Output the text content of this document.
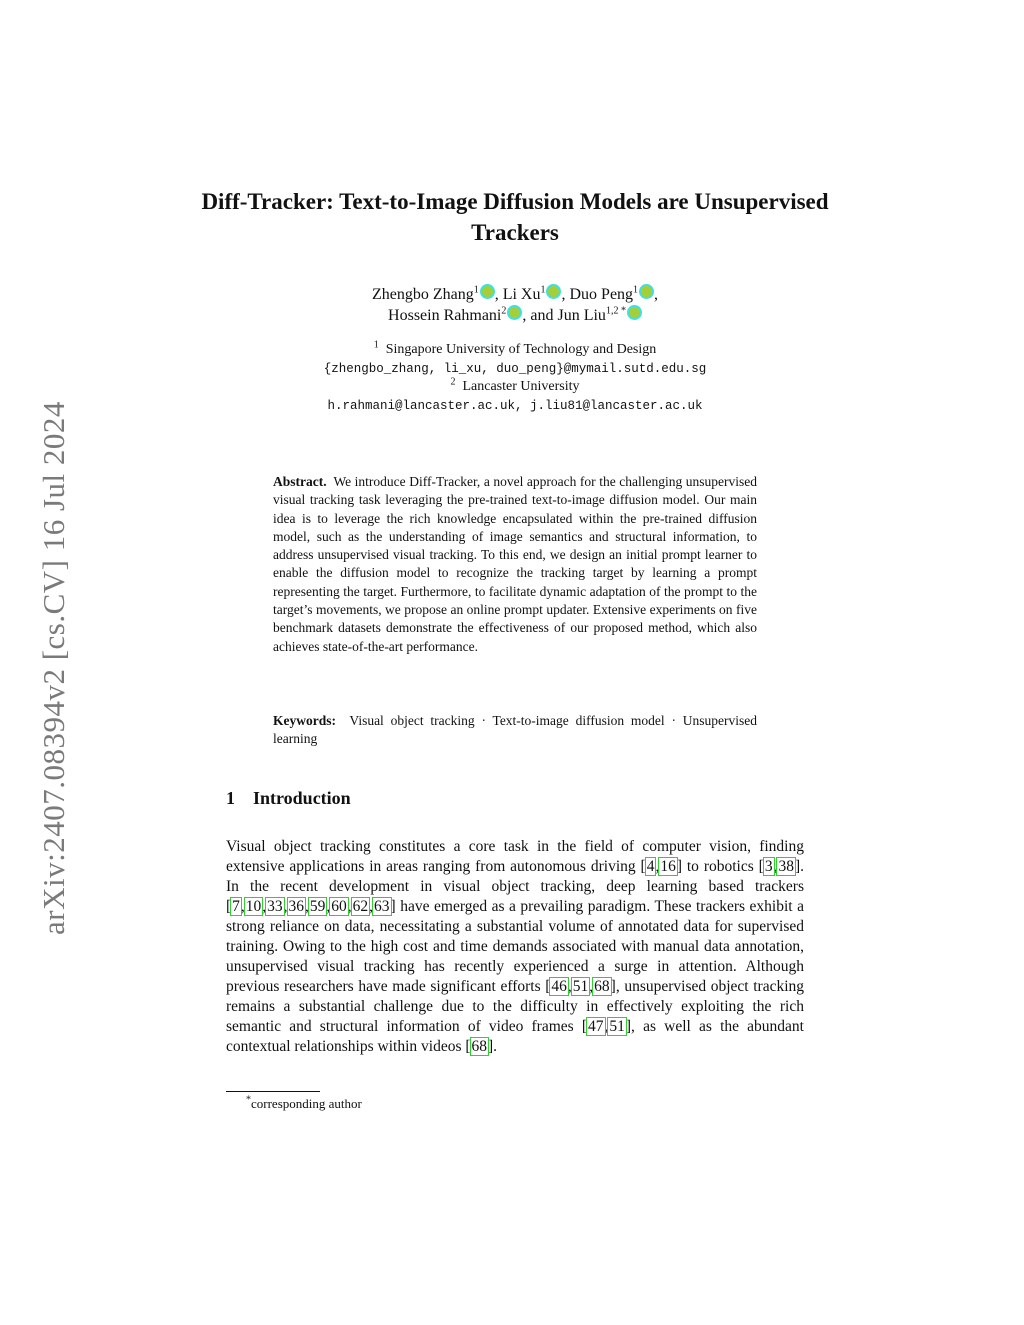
arXiv:2407.08394v2 [cs.CV] 16 Jul 2024
Diff-Tracker: Text-to-Image Diffusion Models are Unsupervised Trackers
Zhengbo Zhang$^1$ , Li Xu$^1$ , Duo Peng$^1$ ,
Hossein Rahmani$^2$ , and Jun Liu$^{1,2 *}$
$^1$ Singapore University of Technology and Design
{zhengbo_zhang, li_xu, duo_peng}@mymail.sutd.edu.sg
$^2$ Lancaster University
h.rahmani@lancaster.ac.uk, j.liu81@lancaster.ac.uk
Abstract. We introduce Diff-Tracker, a novel approach for the challenging unsupervised visual tracking task leveraging the pre-trained text-to-image diffusion model. Our main idea is to leverage the rich knowledge encapsulated within the pre-trained diffusion model, such as the understanding of image semantics and structural information, to address unsupervised visual tracking. To this end, we design an initial prompt learner to enable the diffusion model to recognize the tracking target by learning a prompt representing the target. Furthermore, to facilitate dynamic adaptation of the prompt to the target’s movements, we propose an online prompt updater. Extensive experiments on five benchmark datasets demonstrate the effectiveness of our proposed method, which also achieves state-of-the-art performance.
Keywords: Visual object tracking · Text-to-image diffusion model · Unsupervised learning
1 Introduction
Visual object tracking constitutes a core task in the field of computer vision, finding extensive applications in areas ranging from autonomous driving [4,16] to robotics [3,38]. In the recent development in visual object tracking, deep learning based trackers [7,10,33,36,59,60,62,63] have emerged as a prevailing paradigm. These trackers exhibit a strong reliance on data, necessitating a substantial volume of annotated data for supervised training. Owing to the high cost and time demands associated with manual data annotation, unsupervised visual tracking has recently experienced a surge in attention. Although previous researchers have made significant efforts [46,51,68], unsupervised object tracking remains a substantial challenge due to the difficulty in effectively exploiting the rich semantic and structural information of video frames [47,51], as well as the abundant contextual relationships within videos [68].
*corresponding author
